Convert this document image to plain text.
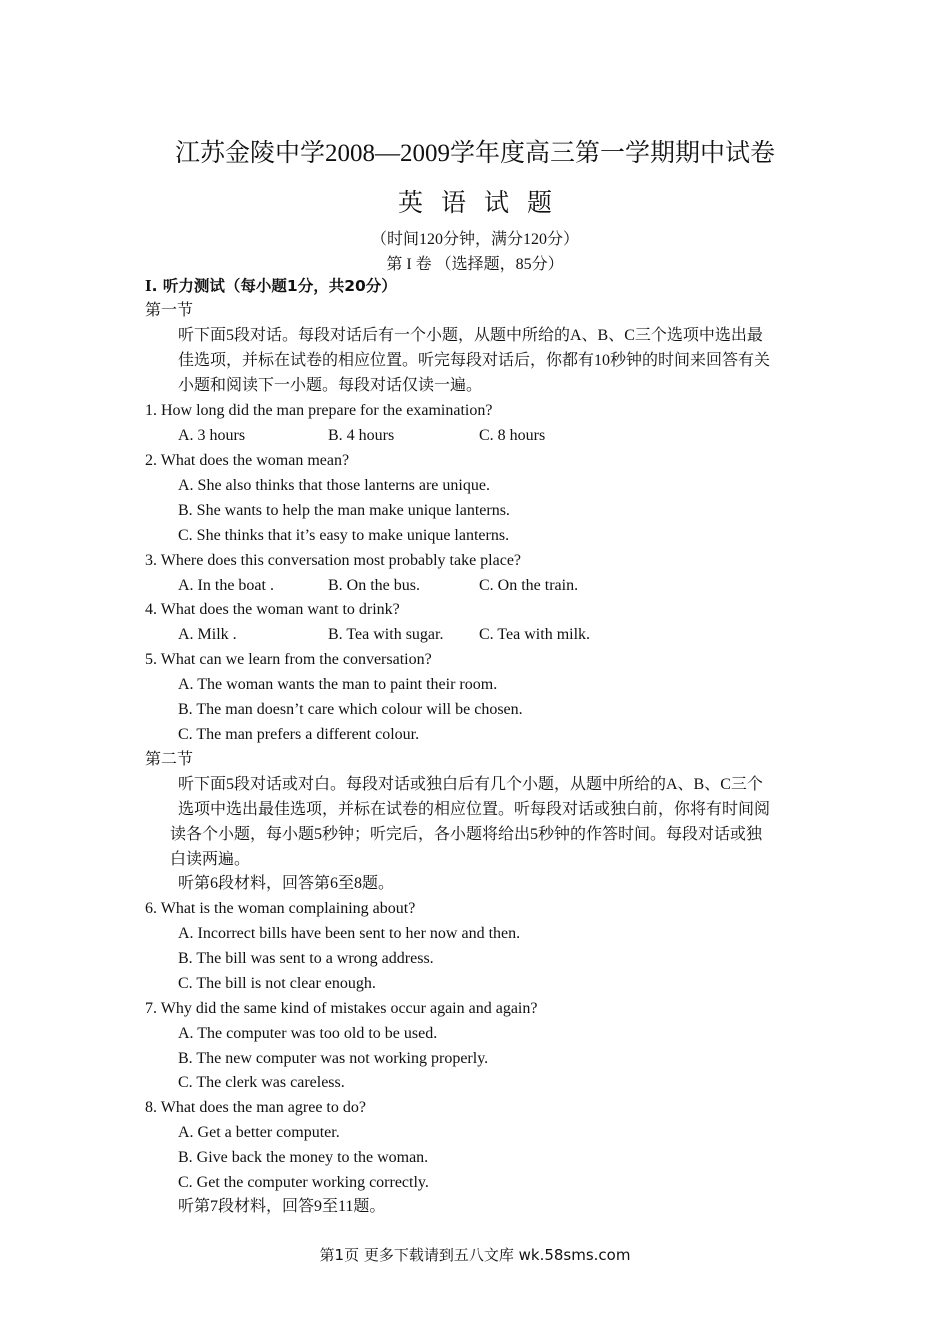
江苏金陵中学2008—2009学年度高三第一学期期中试卷
英语试题
（时间120分钟，满分120分）
第 I 卷 （选择题，85分）
I. 听力测试（每小题1分，共20分）
第一节
听下面5段对话。每段对话后有一个小题，从题中所给的A、B、C三个选项中选出最
佳选项，并标在试卷的相应位置。听完每段对话后，你都有10秒钟的时间来回答有关
小题和阅读下一小题。每段对话仅读一遍。
1. How long did the man prepare for the examination?
A. 3 hours	B. 4 hours	C. 8 hours
2. What does the woman mean?
A. She also thinks that those lanterns are unique.
B. She wants to help the man make unique lanterns.
C. She thinks that it’s easy to make unique lanterns.
3. Where does this conversation most probably take place?
A. In the boat .	B. On the bus.	C. On the train.
4. What does the woman want to drink?
A. Milk .	B. Tea with sugar. C. Tea with milk.
5. What can we learn from the conversation?
A. The woman wants the man to paint their room.
B. The man doesn’t care which colour will be chosen.
C. The man prefers a different colour.
第二节
听下面5段对话或对白。每段对话或独白后有几个小题，从题中所给的A、B、C三个
选项中选出最佳选项，并标在试卷的相应位置。听每段对话或独白前，你将有时间阅
读各个小题，每小题5秒钟；听完后，各小题将给出5秒钟的作答时间。每段对话或独
白读两遍。
听第6段材料，回答第6至8题。
6. What is the woman complaining about?
A. Incorrect bills have been sent to her now and then.
B. The bill was sent to a wrong address.
C. The bill is not clear enough.
7. Why did the same kind of mistakes occur again and again?
A. The computer was too old to be used.
B. The new computer was not working properly.
C. The clerk was careless.
8. What does the man agree to do?
A. Get a better computer.
B. Give back the money to the woman.
C. Get the computer working correctly.
听第7段材料，回答9至11题。
第1页 更多下载请到五八文库 wk.58sms.com
